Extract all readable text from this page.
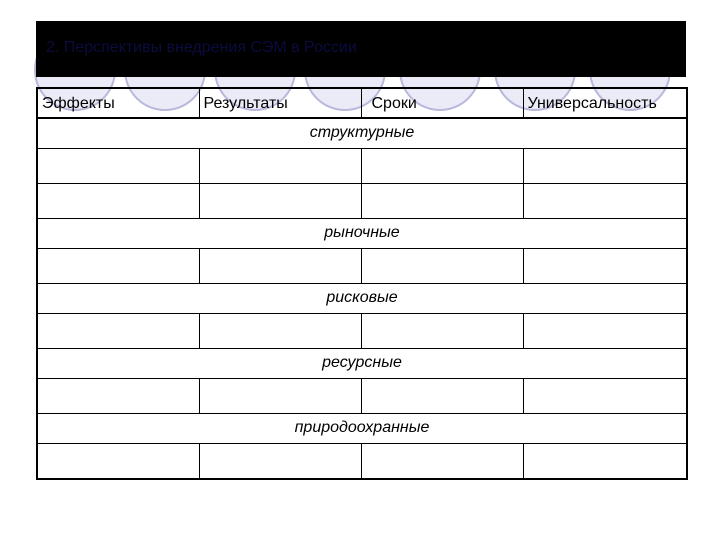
2. Перспективы внедрения СЭМ в России
Эффекты	Результаты	Сроки	Универсальность
структурные			

рыночные			

рисковые			

ресурсные			

природоохранные			
